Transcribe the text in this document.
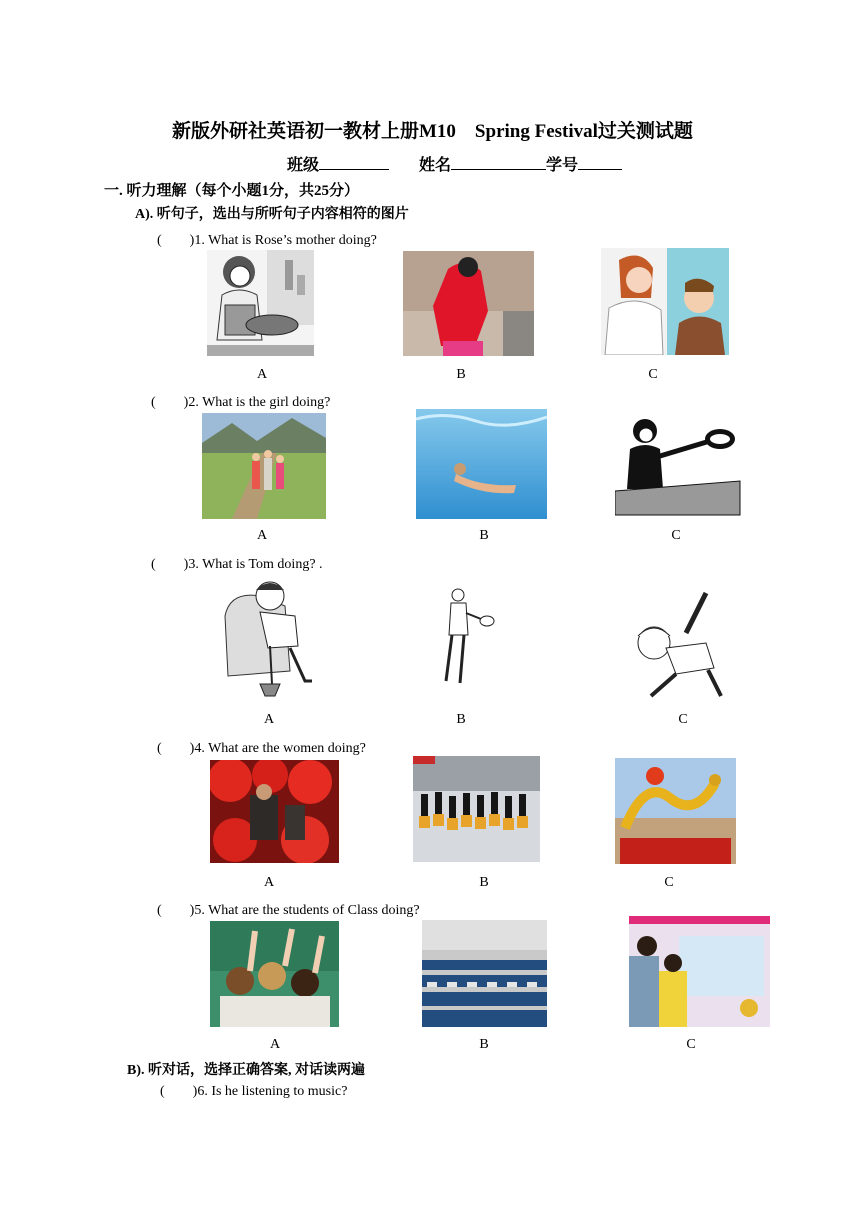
新版外研社英语初一教材上册M10　Spring Festival过关测试题
班级	姓名	学号
一. 听力理解（每个小题1分，共25分）
A). 听句子，选出与所听句子内容相符的图片
(　　)1. What is Rose’s mother doing?
A	B	C
(　　)2. What is the girl doing?
A	B	C
(　　)3. What is Tom doing? .
A	B	C
(　　)4. What are the women doing?
A	B	C
(　　)5. What are the students of Class doing?
A	B	C
B). 听对话，选择正确答案, 对话读两遍
(　　)6. Is he listening to music?
